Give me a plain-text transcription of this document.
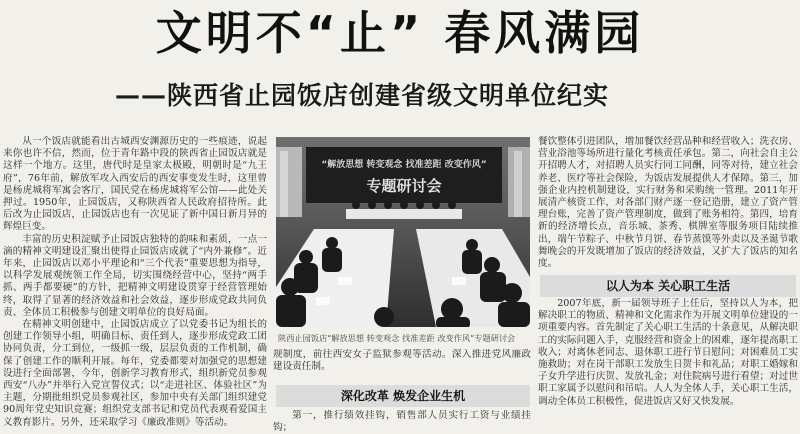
文明不“止” 春风满园
——陕西省止园饭店创建省级文明单位纪实

从一个饭店就能看出古城西安渊源历史的一些痕迹，说起来你也许不信，然而，位于青年路中段的陕西省止园饭店就是这样一个地方。这里，唐代时是皇家太极殿，明朝时是“九王府”，76年前，解放军攻入西安后的西安事变发生时，这里曾是杨虎城将军寓会客厅，国民党在杨虎城将军公馆——此处关押过。1950年，止园饭店，又称陕西省人民政府招待所。此后改为止园饭店，止园饭店也有一次见证了新中国日新月异的辉煌巨变。

丰富的历史积淀赋予止园饭店独特的韵味和素质，一点一滴的精神文明建设汇聚出使得止园饭店成就了“内外兼修”。近年来，止园饭店以邓小平理论和“三个代表”重要思想为指导，以科学发展观统领工作全局，切实围绕经营中心，坚持“两手抓、两手都要硬”的方针，把精神文明建设贯穿于经营管理始终，取得了显著的经济效益和社会效益，逐步形成党政共同负责、全体员工积极参与创建文明单位的良好局面。

在精神文明创建中，止园饭店成立了以党委书记为组长的创建工作领导小组，明确目标、责任到人，逐步形成党政工团协同负责，分工到位，一级抓一级，层层负责的工作机制，确保了创建工作的顺利开展。每年，党委都要对加强党的思想建设进行全面部署，今年，创新学习教育形式，组织新党员参观西安“八办”并举行入党宣誓仪式；以“走进社区、体验社区”为主题，分期批组织党员参观社区，参加中央有关部门组织建党90周年党史知识竞赛；组织党支部书记和党员代表观看爱国主义教育影片。另外，还采取学习《廉政准则》等活动。

“解放思想 转变观念 找准差距 改变作风”
专题研讨会
陕西止园饭店“解放思想 转变观念 找准差距 改变作风”专题研讨会

规制度，前往西安女子监狱参观等活动。深入推进党风廉政建设责任制。

深化改革 焕发企业生机

第一，推行绩效挂钩，销售部人员实行工资与业绩挂钩；

餐饮整体引进团队，增加餐饮经营品种和经营收入；洗衣房、营业浴池等场所进行量化考核责任承包。第二，向社会自主公开招聘人才，对招聘人员实行同工同酬，同等对待，建立社会养老、医疗等社会保险，为饭店发展提供人才保障。第三，加强企业内控机制建设，实行财务和采购统一管理。2011年开展清产核资工作，对各部门财产逐一登记造册，建立了资产管理台账，完善了资产管理制度，做到了账务相符。第四，培育新的经济增长点，音乐城、茶秀、棋牌室等服务项目陆续推出，端午节粽子、中秋节月饼、春节蒸馍等外卖以及圣诞节歌舞晚会的开发既增加了饭店的经济效益，又扩大了饭店的知名度。

以人为本 关心职工生活

2007年底，新一届领导班子上任后，坚持以人为本，把解决职工的物质、精神和文化需求作为开展文明单位建设的一项重要内容。首先制定了关心职工生活的十条意见，从解决职工的实际问题入手，克服经营和资金上的困难，逐年提高职工收入；对离休老同志、退休职工进行节日慰问；对困难员工实施救助；对在岗干部职工发放生日贺卡和礼品；对职工婚嫁和子女升学进行庆贺、发放礼金；对住院病号进行看望；对过世职工家属予以慰问和吊唁。人人为全体人手，关心职工生活，调动全体员工积极性，促进饭店又好又快发展。
